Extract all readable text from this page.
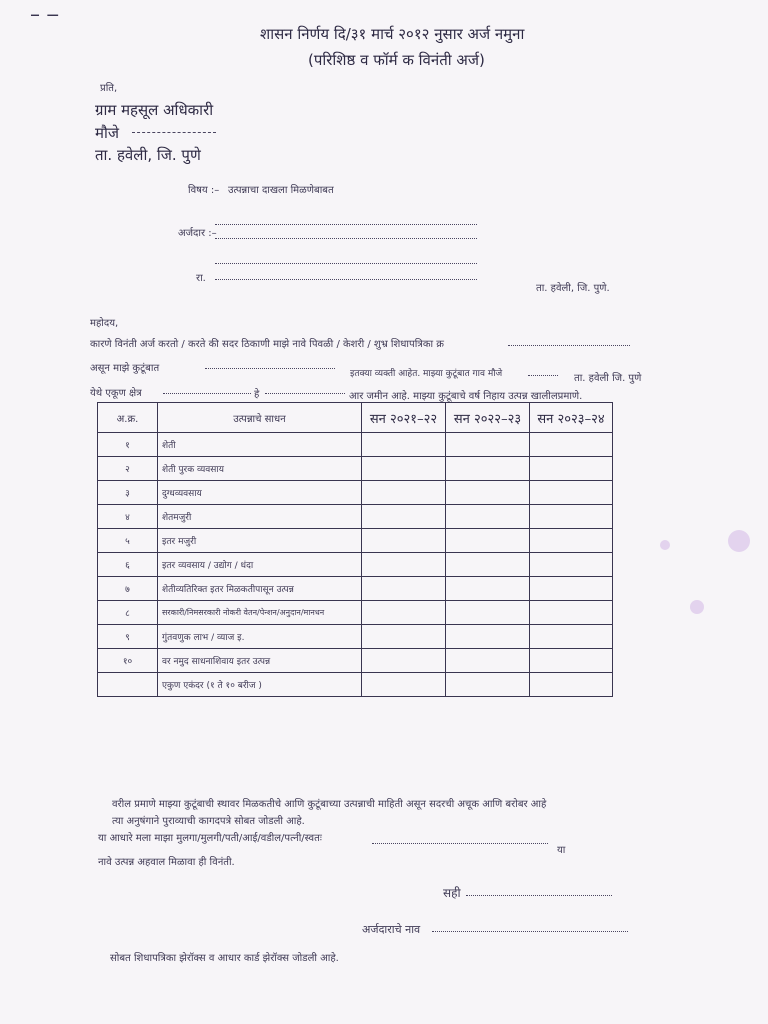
– ‒
शासन निर्णय दि/३१ मार्च २०१२ नुसार अर्ज नमुना
(परिशिष्ठ व फॉर्म क विनंती अर्ज)
प्रति,
ग्राम महसूल अधिकारी
मौजे
ता. हवेली, जि. पुणे
विषय :– उत्पन्नाचा दाखला मिळणेबाबत
अर्जदार :–
रा.
ता. हवेली, जि. पुणे.
महोदय,
कारणे विनंती अर्ज करतो / करते की सदर ठिकाणी माझे नावे पिवळी / केशरी / शुभ्र शिधापत्रिका क्र
असून माझे कुटूंबात	इतक्या व्यक्ती आहेत. माझ्या कुटूंबात गाव मौजे	ता. हवेली जि. पुणे
येथे एकूण क्षेत्र	हे	आर जमीन आहे. माझ्या कुटूंबाचे वर्ष निहाय उत्पन्न खालीलप्रमाणे.
अ.क्र.	उत्पन्नाचे साधन	सन २०२१–२२	सन २०२२–२३	सन २०२३–२४
१	शेती			
२	शेती पुरक व्यवसाय			
३	दुग्धव्यवसाय			
४	शेतमजुरी			
५	इतर मजुरी			
६	इतर व्यवसाय / उद्योग / धंदा			
७	शेतीव्यतिरिक्त इतर मिळकतीपासून उत्पन्न			
८	सरकारी/निमसरकारी नोकरी वेतन/पेन्शन/अनुदान/मानधन			
९	गुंतवणुक लाभ / व्याज इ.			
१०	वर नमुद साधनाशिवाय इतर उत्पन्न			
	एकुण एकंदर (१ ते १० बरीज )			
वरील प्रमाणे माझ्या कुटूंबाची स्थावर मिळकतीचे आणि कुटूंबाच्या उत्पन्नाची माहिती असून सदरची अचूक आणि बरोबर आहे
त्या अनुषंगाने पुराव्याची कागदपत्रे सोबत जोडली आहे.
या आधारे मला माझा मुलगा/मुलगी/पती/आई/वडील/पत्नी/स्वतः
या
नावे उत्पन्न अहवाल मिळावा ही विनंती.
सही
अर्जदाराचे नाव
सोबत शिधापत्रिका झेरॉक्स व आधार कार्ड झेरॉक्स जोडली आहे.
